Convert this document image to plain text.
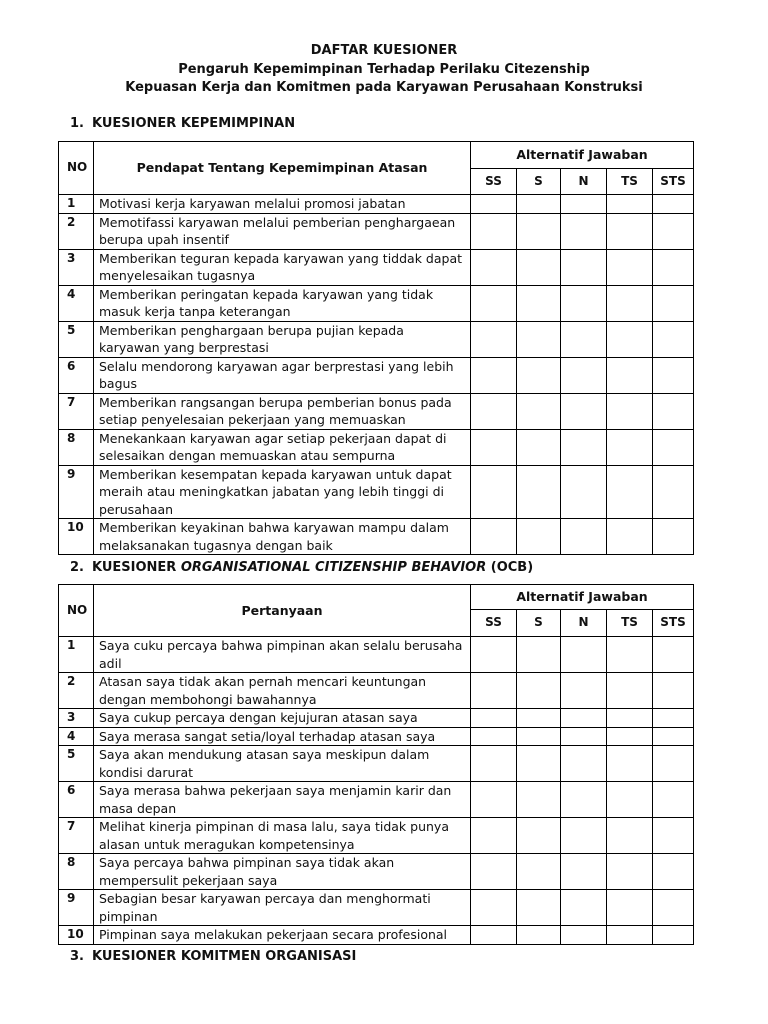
DAFTAR KUESIONER
Pengaruh Kepemimpinan Terhadap Perilaku Citezenship
Kepuasan Kerja dan Komitmen pada Karyawan Perusahaan Konstruksi
1. KUESIONER KEPEMIMPINAN
NO	Pendapat Tentang Kepemimpinan Atasan	Alternatif Jawaban				
		SS	S	N	TS	STS
1	Motivasi kerja karyawan melalui promosi jabatan					
2	Memotifassi karyawan melalui pemberian penghargaean berupa upah insentif					
3	Memberikan teguran kepada karyawan yang tiddak dapat menyelesaikan tugasnya					
4	Memberikan peringatan kepada karyawan yang tidak masuk kerja tanpa keterangan					
5	Memberikan penghargaan berupa pujian kepada karyawan yang berprestasi					
6	Selalu mendorong karyawan agar berprestasi yang lebih bagus					
7	Memberikan rangsangan berupa pemberian bonus pada setiap penyelesaian pekerjaan yang memuaskan					
8	Menekankaan karyawan agar setiap pekerjaan dapat di selesaikan dengan memuaskan atau sempurna					
9	Memberikan kesempatan kepada karyawan untuk dapat meraih atau meningkatkan jabatan yang lebih tinggi di perusahaan					
10	Memberikan keyakinan bahwa karyawan mampu dalam melaksanakan tugasnya dengan baik					
2. KUESIONER ORGANISATIONAL CITIZENSHIP BEHAVIOR (OCB)
NO	Pertanyaan	Alternatif Jawaban				
		SS	S	N	TS	STS
1	Saya cuku percaya bahwa pimpinan akan selalu berusaha adil					
2	Atasan saya tidak akan pernah mencari keuntungan dengan membohongi bawahannya					
3	Saya cukup percaya dengan kejujuran atasan saya					
4	Saya merasa sangat setia/loyal terhadap atasan saya					
5	Saya akan mendukung atasan saya meskipun dalam kondisi darurat					
6	Saya merasa bahwa pekerjaan saya menjamin karir dan masa depan					
7	Melihat kinerja pimpinan di masa lalu, saya tidak punya alasan untuk meragukan kompetensinya					
8	Saya percaya bahwa pimpinan saya tidak akan mempersulit pekerjaan saya					
9	Sebagian besar karyawan percaya dan menghormati pimpinan					
10	Pimpinan saya melakukan pekerjaan secara profesional					
3. KUESIONER KOMITMEN ORGANISASI
